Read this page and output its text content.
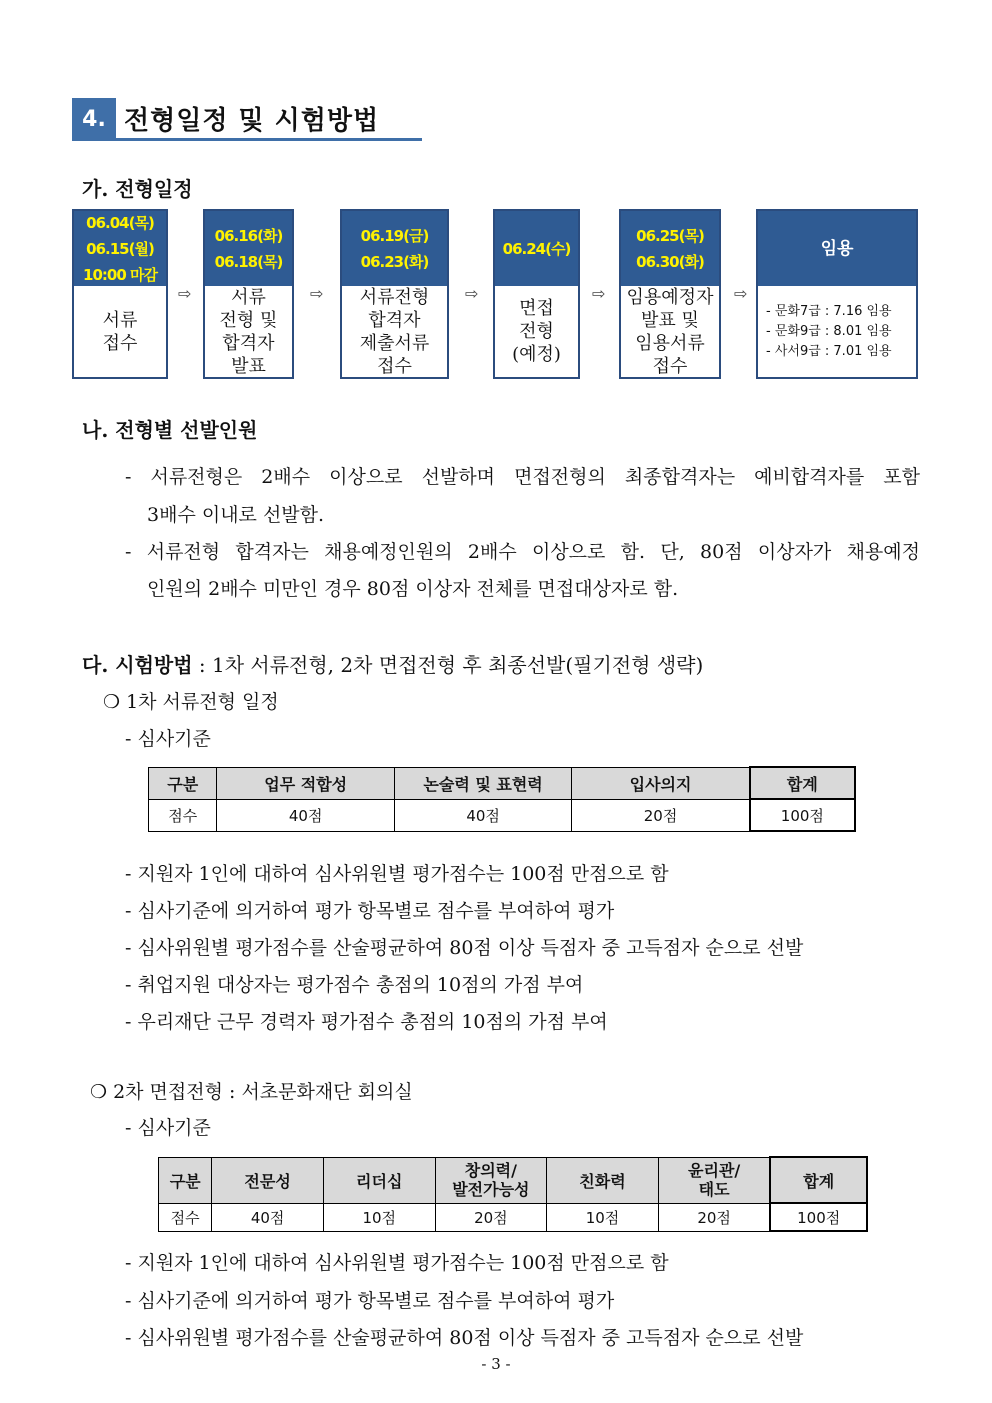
4. 전형일정 및 시험방법
가. 전형일정
06.04(목)
06.15(월)
10:00 마감
서류
접수
06.16(화)
06.18(목)
서류
전형 및
합격자
발표
06.19(금)
06.23(화)
서류전형
합격자
제출서류
접수
06.24(수)
면접
전형
(예정)
06.25(목)
06.30(화)
임용예정자
발표 및
임용서류
접수
임용
- 문화7급 : 7.16 임용
- 문화9급 : 8.01 임용
- 사서9급 : 7.01 임용
⇨	⇨	⇨	⇨	⇨
나. 전형별 선발인원
- 서류전형은 2배수 이상으로 선발하며 면접전형의 최종합격자는 예비합격자를 포함
3배수 이내로 선발함.
- 서류전형 합격자는 채용예정인원의 2배수 이상으로 함. 단, 80점 이상자가 채용예정
인원의 2배수 미만인 경우 80점 이상자 전체를 면접대상자로 함.
다. 시험방법 : 1차 서류전형, 2차 면접전형 후 최종선발(필기전형 생략)
❍ 1차 서류전형 일정
- 심사기준
구분	업무 적합성	논술력 및 표현력	입사의지	합계
점수	40점	40점	20점	100점
- 지원자 1인에 대하여 심사위원별 평가점수는 100점 만점으로 함
- 심사기준에 의거하여 평가 항목별로 점수를 부여하여 평가
- 심사위원별 평가점수를 산술평균하여 80점 이상 득점자 중 고득점자 순으로 선발
- 취업지원 대상자는 평가점수 총점의 10점의 가점 부여
- 우리재단 근무 경력자 평가점수 총점의 10점의 가점 부여
❍ 2차 면접전형 : 서초문화재단 회의실
- 심사기준
구분	전문성	리더십	창의력/
발전가능성	친화력	윤리관/
태도	합계
점수	40점	10점	20점	10점	20점	100점
- 지원자 1인에 대하여 심사위원별 평가점수는 100점 만점으로 함
- 심사기준에 의거하여 평가 항목별로 점수를 부여하여 평가
- 심사위원별 평가점수를 산술평균하여 80점 이상 득점자 중 고득점자 순으로 선발
- 3 -
